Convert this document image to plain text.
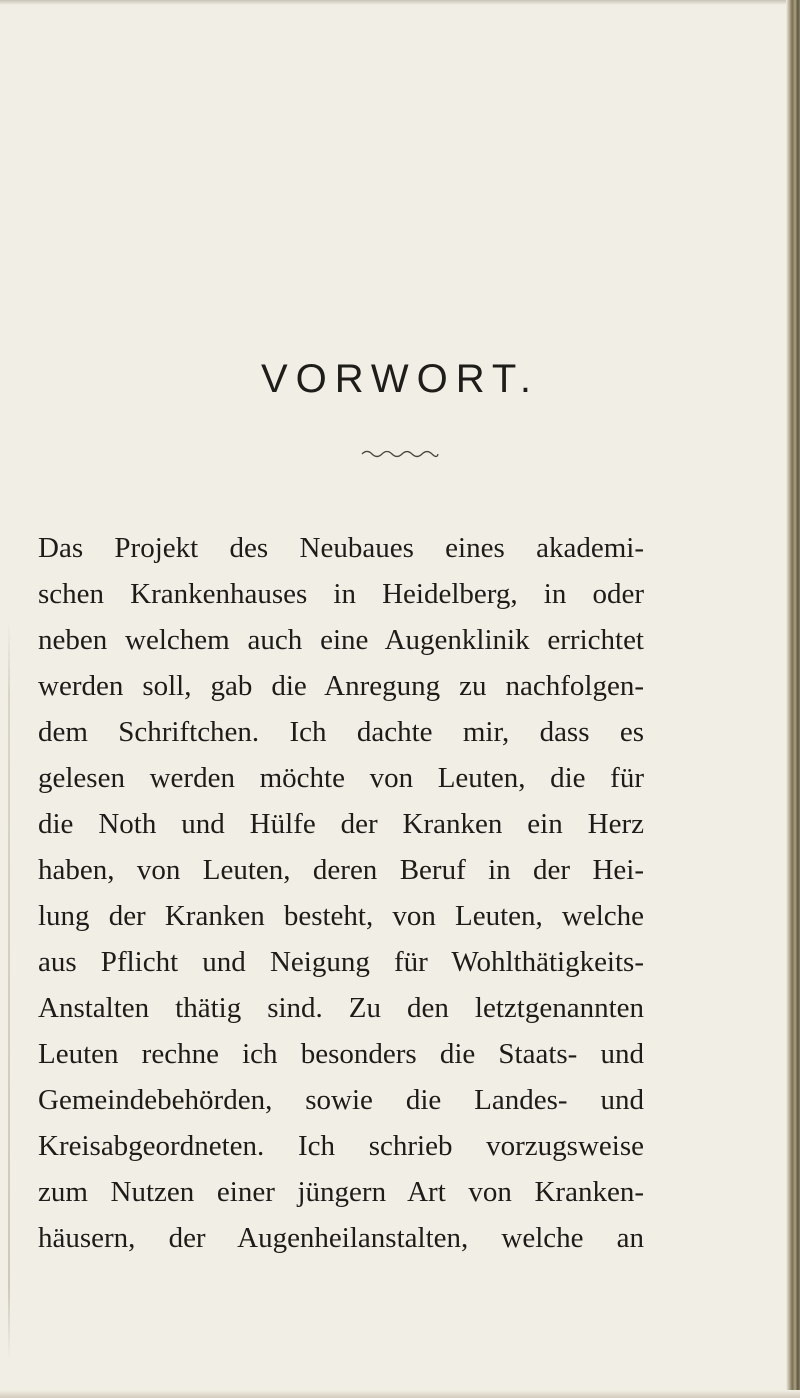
VORWORT.
Das Projekt des Neubaues eines akademi-
schen Krankenhauses in Heidelberg, in oder
neben welchem auch eine Augenklinik errichtet
werden soll, gab die Anregung zu nachfolgen-
dem Schriftchen. Ich dachte mir, dass es
gelesen werden möchte von Leuten, die für
die Noth und Hülfe der Kranken ein Herz
haben, von Leuten, deren Beruf in der Hei-
lung der Kranken besteht, von Leuten, welche
aus Pflicht und Neigung für Wohlthätigkeits-
Anstalten thätig sind. Zu den letztgenannten
Leuten rechne ich besonders die Staats- und
Gemeindebehörden, sowie die Landes- und
Kreisabgeordneten. Ich schrieb vorzugsweise
zum Nutzen einer jüngern Art von Kranken-
häusern, der Augenheilanstalten, welche an
